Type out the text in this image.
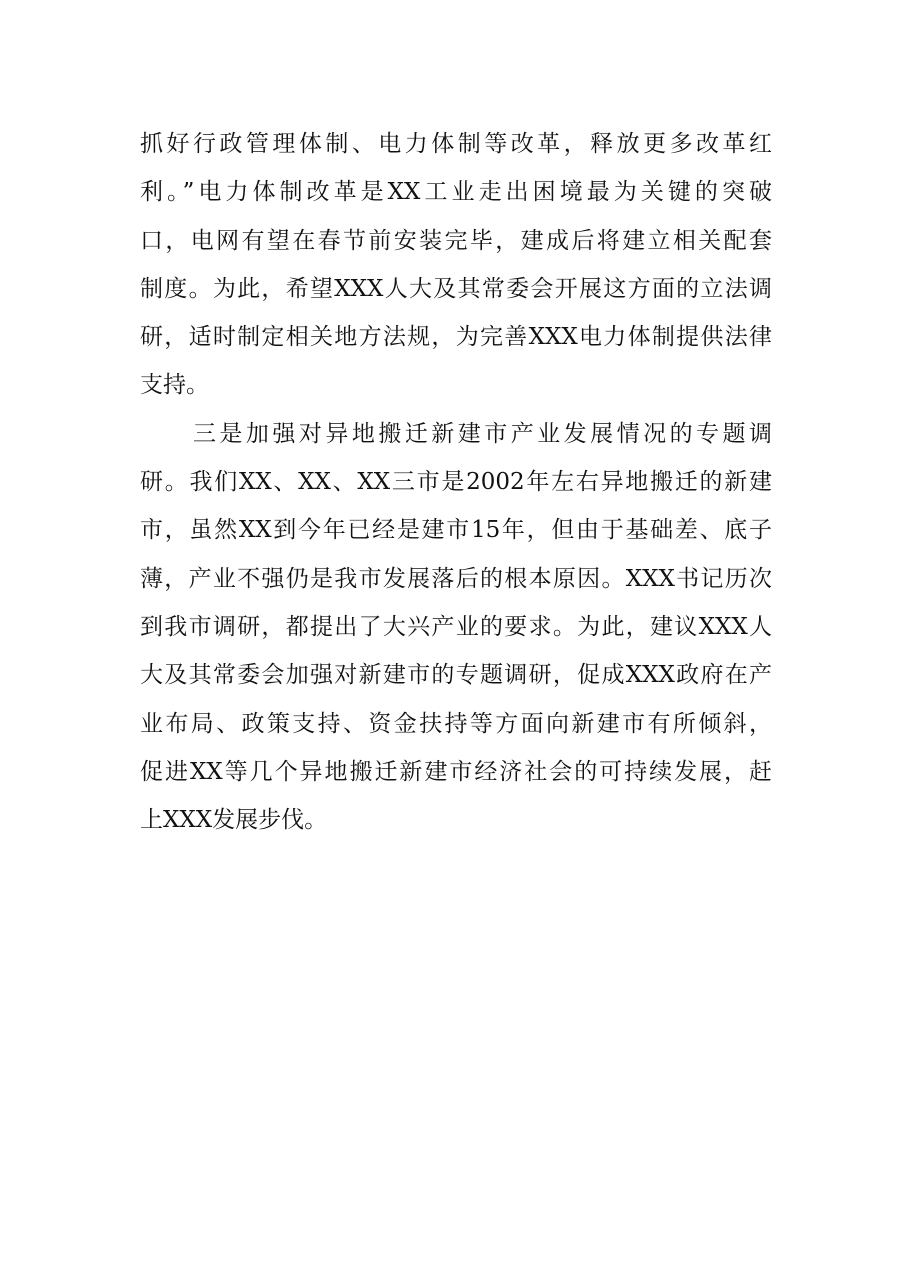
抓好行政管理体制、电力体制等改革，释放更多改革红
利。”电力体制改革是XX工业走出困境最为关键的突破
口，电网有望在春节前安装完毕，建成后将建立相关配套
制度。为此，希望XXX人大及其常委会开展这方面的立法调
研，适时制定相关地方法规，为完善XXX电力体制提供法律
支持。
　　三是加强对异地搬迁新建市产业发展情况的专题调
研。我们XX、XX、XX三市是2002年左右异地搬迁的新建
市，虽然XX到今年已经是建市15年，但由于基础差、底子
薄，产业不强仍是我市发展落后的根本原因。XXX书记历次
到我市调研，都提出了大兴产业的要求。为此，建议XXX人
大及其常委会加强对新建市的专题调研，促成XXX政府在产
业布局、政策支持、资金扶持等方面向新建市有所倾斜，
促进XX等几个异地搬迁新建市经济社会的可持续发展，赶
上XXX发展步伐。
